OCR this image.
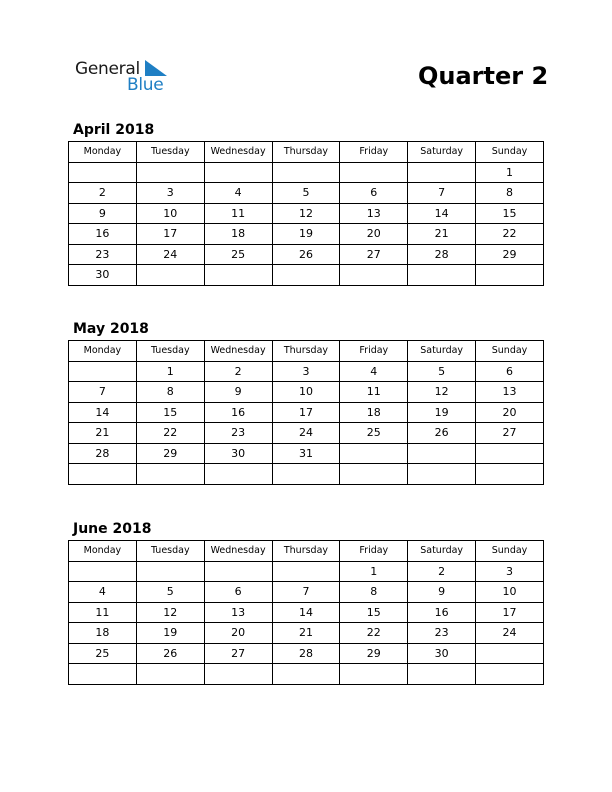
General
Blue	Quarter 2
April 2018
Monday	Tuesday	Wednesday	Thursday	Friday	Saturday	Sunday
						1
2	3	4	5	6	7	8
9	10	11	12	13	14	15
16	17	18	19	20	21	22
23	24	25	26	27	28	29
30						
May 2018
Monday	Tuesday	Wednesday	Thursday	Friday	Saturday	Sunday
	1	2	3	4	5	6
7	8	9	10	11	12	13
14	15	16	17	18	19	20
21	22	23	24	25	26	27
28	29	30	31			

June 2018
Monday	Tuesday	Wednesday	Thursday	Friday	Saturday	Sunday
				1	2	3
4	5	6	7	8	9	10
11	12	13	14	15	16	17
18	19	20	21	22	23	24
25	26	27	28	29	30	
